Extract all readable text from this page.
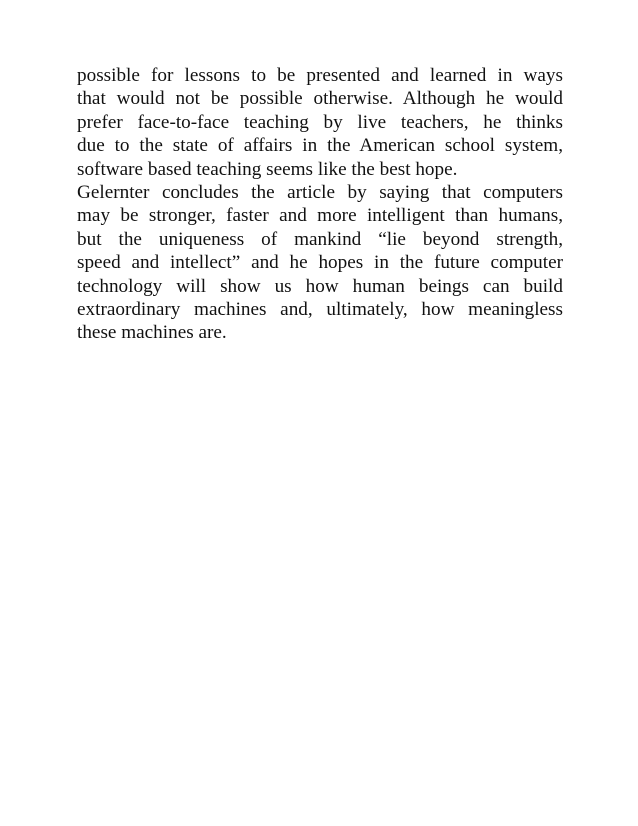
possible for lessons to be presented and learned in ways
that would not be possible otherwise. Although he would
prefer face-to-face teaching by live teachers, he thinks
due to the state of affairs in the American school system,
software based teaching seems like the best hope.
Gelernter concludes the article by saying that computers
may be stronger, faster and more intelligent than humans,
but the uniqueness of mankind “lie beyond strength,
speed and intellect” and he hopes in the future computer
technology will show us how human beings can build
extraordinary machines and, ultimately, how meaningless
these machines are.
